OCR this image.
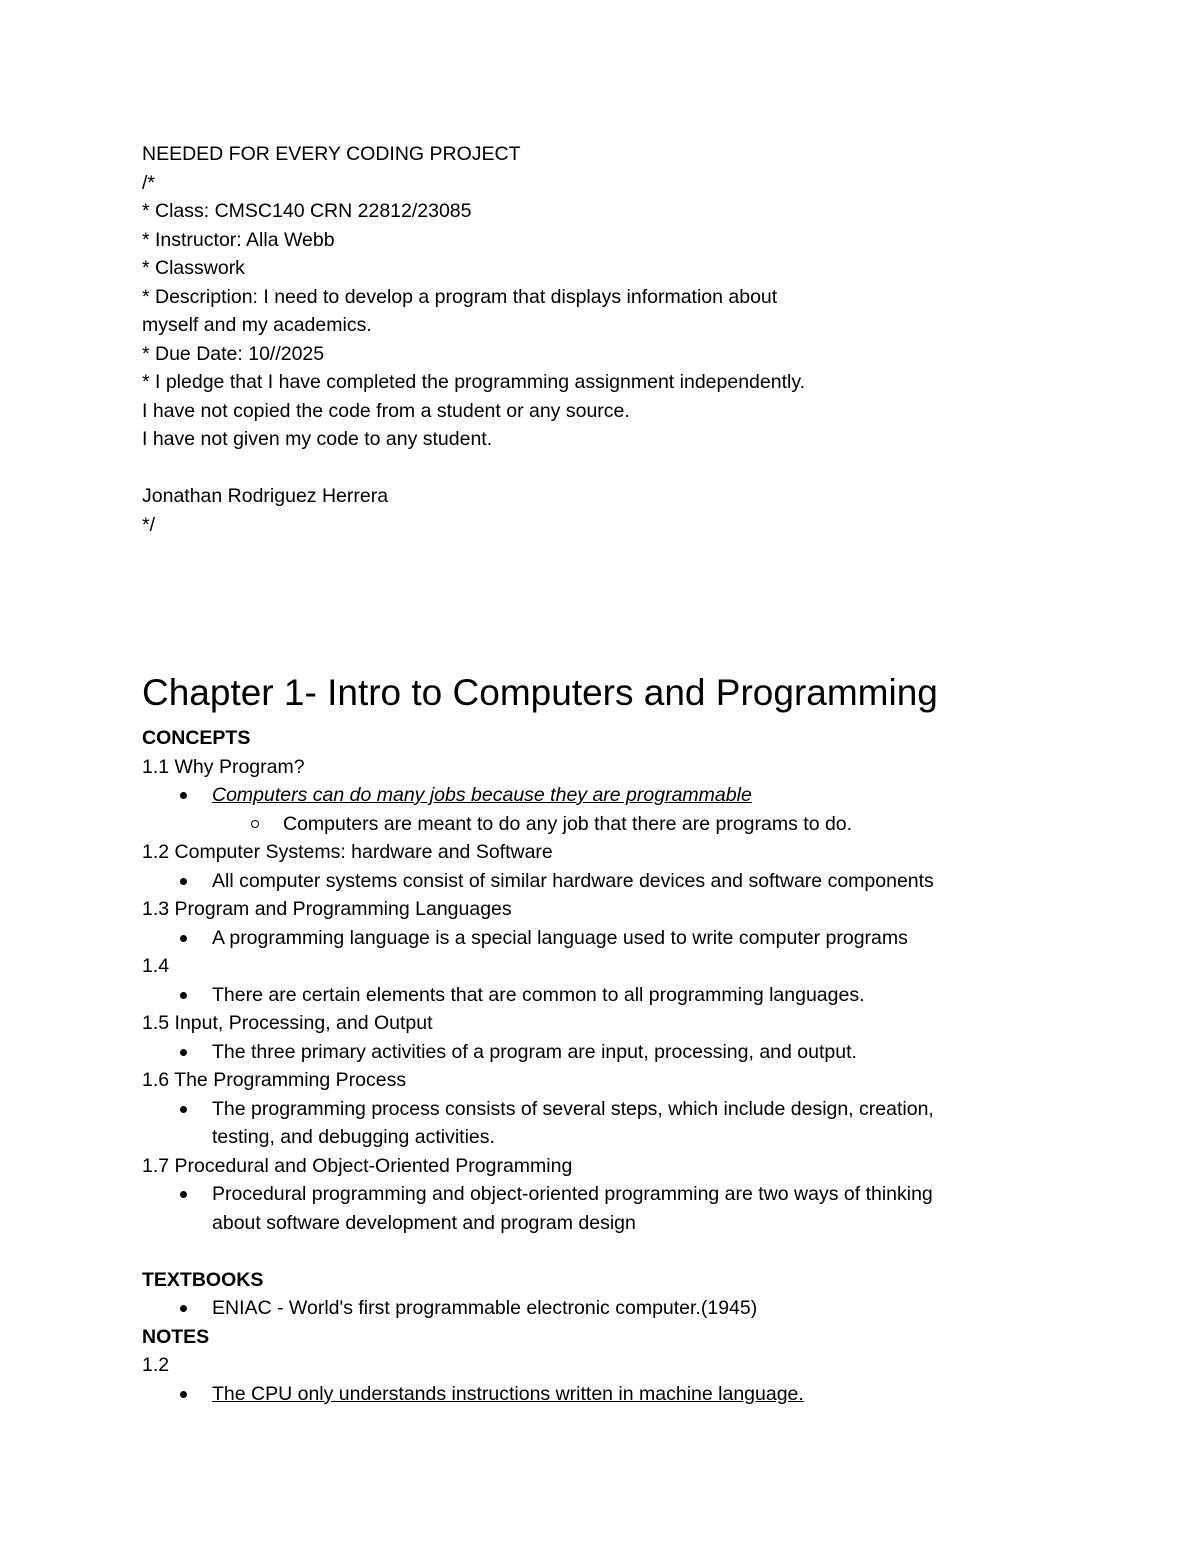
NEEDED FOR EVERY CODING PROJECT

/*

* Class: CMSC140 CRN 22812/23085

* Instructor: Alla Webb

* Classwork

* Description: I need to develop a program that displays information about

myself and my academics.

* Due Date: 10//2025

* I pledge that I have completed the programming assignment independently.

I have not copied the code from a student or any source.

I have not given my code to any student.

Jonathan Rodriguez Herrera

*/

Chapter 1- Intro to Computers and Programming

CONCEPTS

1.1 Why Program?

Computers can do many jobs because they are programmable
Computers are meant to do any job that there are programs to do.

1.2 Computer Systems: hardware and Software

All computer systems consist of similar hardware devices and software components

1.3 Program and Programming Languages

A programming language is a special language used to write computer programs

1.4

There are certain elements that are common to all programming languages.

1.5 Input, Processing, and Output

The three primary activities of a program are input, processing, and output.

1.6 The Programming Process

The programming process consists of several steps, which include design, creation,
testing, and debugging activities.

1.7 Procedural and Object-Oriented Programming

Procedural programming and object-oriented programming are two ways of thinking
about software development and program design

TEXTBOOKS

ENIAC - World's first programmable electronic computer.(1945)

NOTES

1.2

The CPU only understands instructions written in machine language.
